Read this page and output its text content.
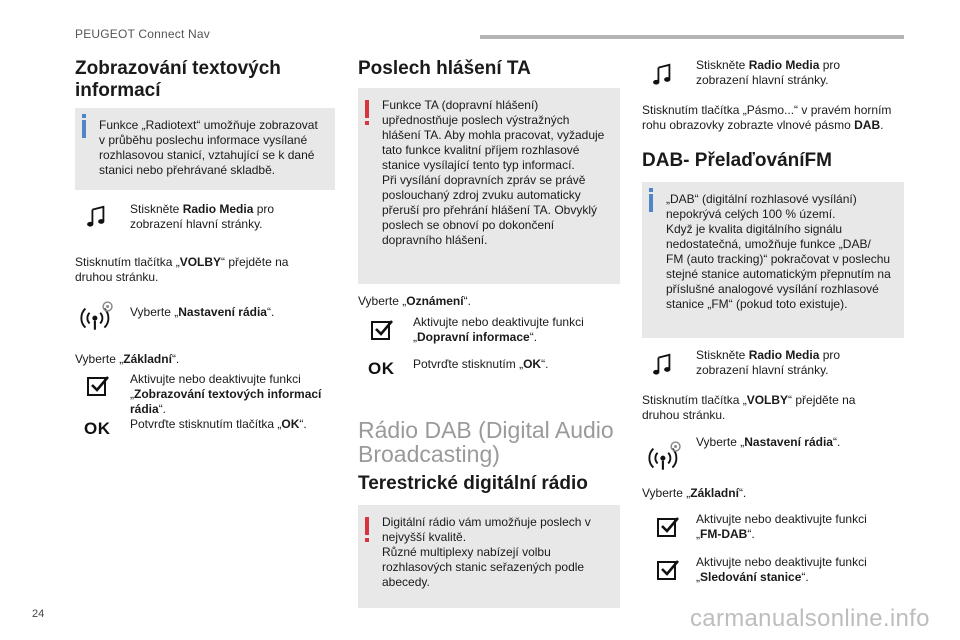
PEUGEOT Connect Nav
Zobrazování textových
informací
Funkce „Radiotext“ umožňuje zobrazovat
v průběhu poslechu informace vysílané
rozhlasovou stanicí, vztahující se k dané
stanici nebo přehrávané skladbě.
Stiskněte Radio Media pro
zobrazení hlavní stránky.
Stisknutím tlačítka „VOLBY“ přejděte na
druhou stránku.
Vyberte „Nastavení rádia“.
Vyberte „Základní“.
Aktivujte nebo deaktivujte funkci
„Zobrazování textových informací
rádia“.
OK Potvrďte stisknutím tlačítka „OK“.
Poslech hlášení TA
Funkce TA (dopravní hlášení)
upřednostňuje poslech výstražných
hlášení TA. Aby mohla pracovat, vyžaduje
tato funkce kvalitní příjem rozhlasové
stanice vysílající tento typ informací.
Při vysílání dopravních zpráv se právě
poslouchaný zdroj zvuku automaticky
přeruší pro přehrání hlášení TA. Obvyklý
poslech se obnoví po dokončení
dopravního hlášení.
Vyberte „Oznámení“.
Aktivujte nebo deaktivujte funkci
„Dopravní informace“.
OK Potvrďte stisknutím „OK“.
Rádio DAB (Digital Audio
Broadcasting)
Terestrické digitální rádio
Digitální rádio vám umožňuje poslech v
nejvyšší kvalitě.
Různé multiplexy nabízejí volbu
rozhlasových stanic seřazených podle
abecedy.
Stiskněte Radio Media pro
zobrazení hlavní stránky.
Stisknutím tlačítka „Pásmo...“ v pravém horním
rohu obrazovky zobrazte vlnové pásmo DAB.
DAB- PřelaďováníFM
„DAB“ (digitální rozhlasové vysílání)
nepokrývá celých 100 % území.
Když je kvalita digitálního signálu
nedostatečná, umožňuje funkce „DAB/
FM (auto tracking)“ pokračovat v poslechu
stejné stanice automatickým přepnutím na
příslušné analogové vysílání rozhlasové
stanice „FM“ (pokud toto existuje).
Stiskněte Radio Media pro
zobrazení hlavní stránky.
Stisknutím tlačítka „VOLBY“ přejděte na
druhou stránku.
Vyberte „Nastavení rádia“.
Vyberte „Základní“.
Aktivujte nebo deaktivujte funkci
„FM-DAB“.
Aktivujte nebo deaktivujte funkci
„Sledování stanice“.
24	carmanualsonline.info
